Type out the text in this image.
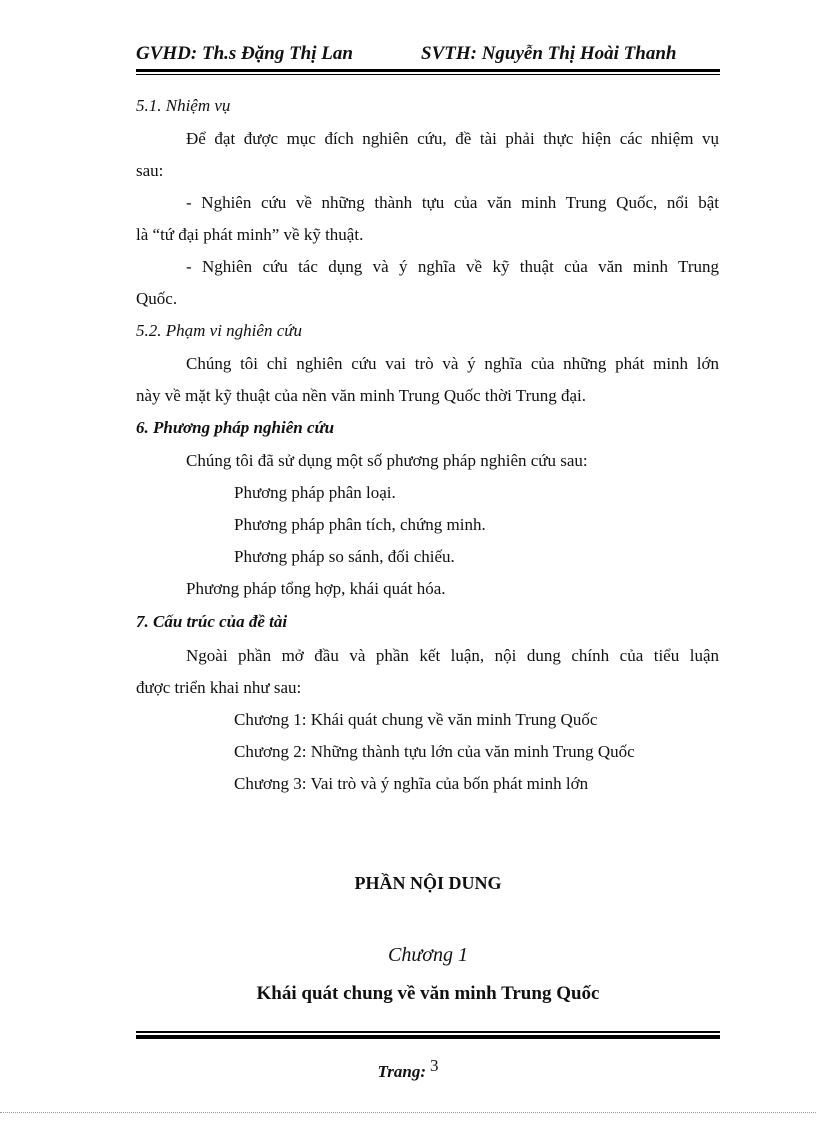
GVHD: Th.s Đặng Thị Lan	SVTH: Nguyễn Thị Hoài Thanh
5.1. Nhiệm vụ
Để đạt được mục đích nghiên cứu, đề tài phải thực hiện các nhiệm vụ
sau:
- Nghiên cứu về những thành tựu của văn minh Trung Quốc, nổi bật
là “tứ đại phát minh” về kỹ thuật.
- Nghiên cứu tác dụng và ý nghĩa về kỹ thuật của văn minh Trung
Quốc.
5.2. Phạm vi nghiên cứu
Chúng tôi chỉ nghiên cứu vai trò và ý nghĩa của những phát minh lớn
này về mặt kỹ thuật của nền văn minh Trung Quốc thời Trung đại.
6. Phương pháp nghiên cứu
Chúng tôi đã sử dụng một số phương pháp nghiên cứu sau:
Phương pháp phân loại.
Phương pháp phân tích, chứng minh.
Phương pháp so sánh, đối chiếu.
Phương pháp tổng hợp, khái quát hóa.
7. Cấu trúc của đề tài
Ngoài phần mở đầu và phần kết luận, nội dung chính của tiểu luận
được triển khai như sau:
Chương 1: Khái quát chung về văn minh Trung Quốc
Chương 2: Những thành tựu lớn của văn minh Trung Quốc
Chương 3: Vai trò và ý nghĩa của bốn phát minh lớn
PHẦN NỘI DUNG
Chương 1
Khái quát chung về văn minh Trung Quốc
Trang: 3
